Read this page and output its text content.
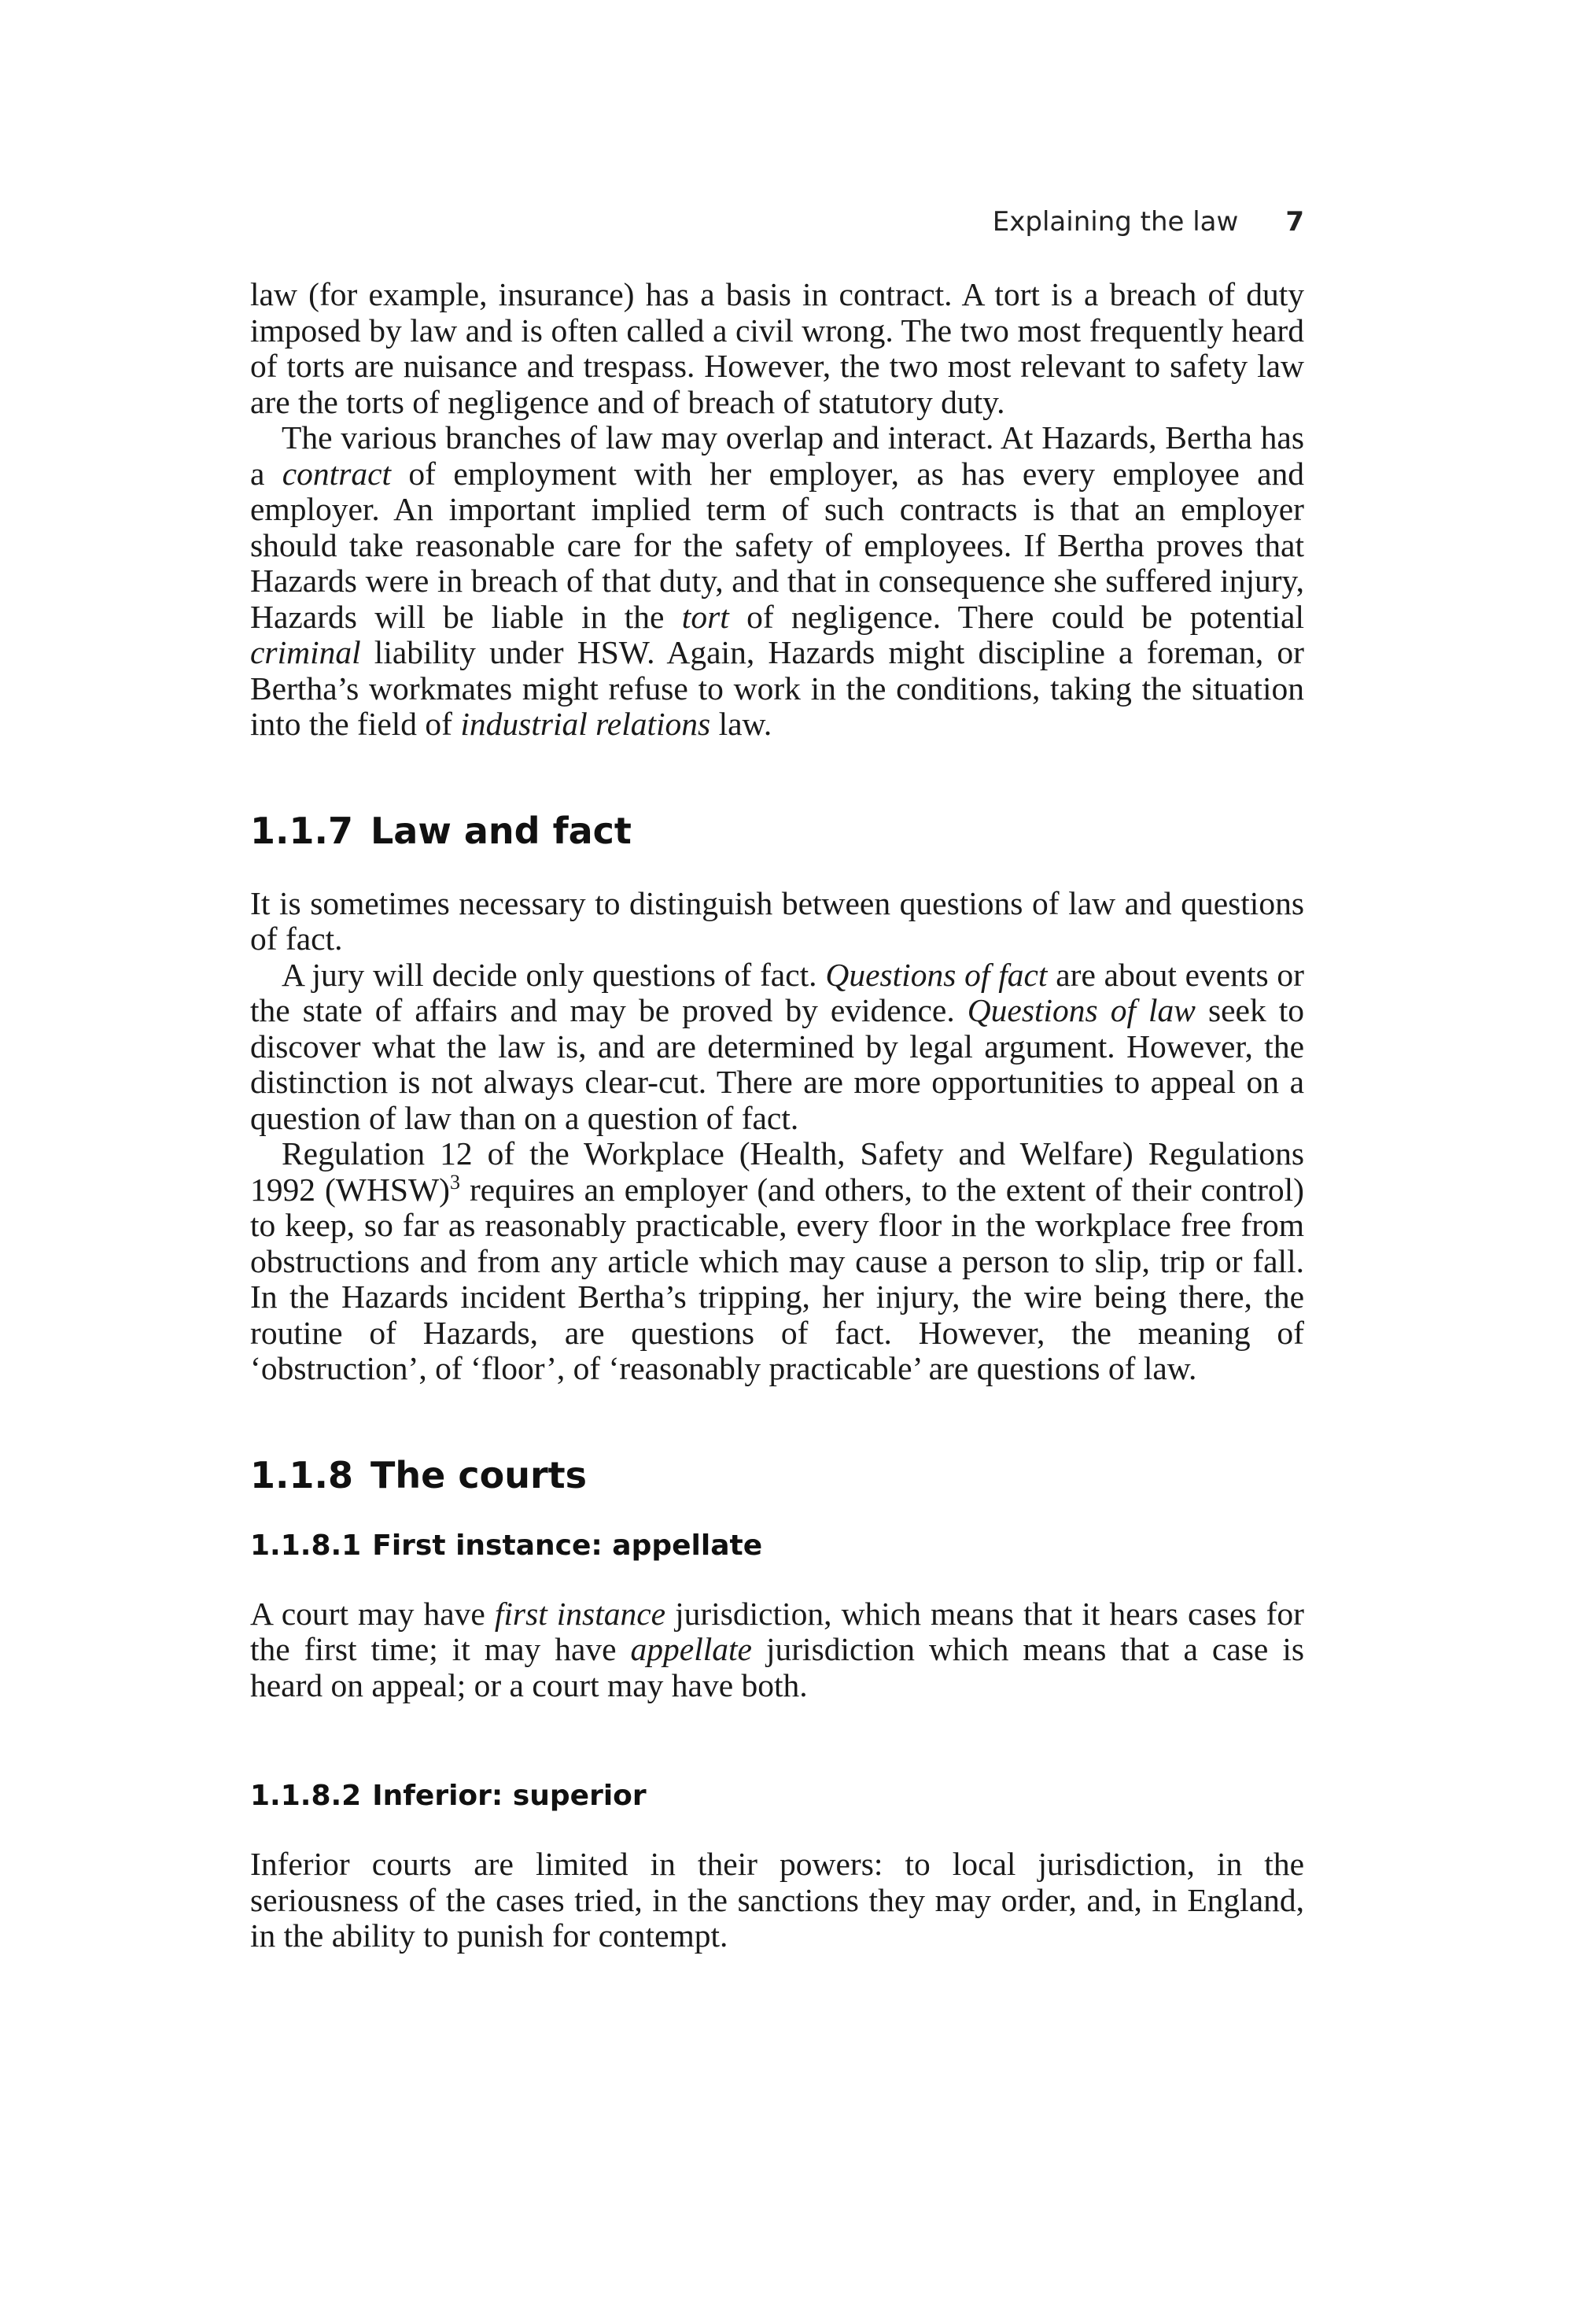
Explaining the law 7

law (for example, insurance) has a basis in contract. A tort is a breach of duty imposed by law and is often called a civil wrong. The two most frequently heard of torts are nuisance and trespass. However, the two most relevant to safety law are the torts of negligence and of breach of statutory duty.

The various branches of law may overlap and interact. At Hazards, Bertha has a contract of employment with her employer, as has every employee and employer. An important implied term of such contracts is that an employer should take reasonable care for the safety of employees. If Bertha proves that Hazards were in breach of that duty, and that in consequence she suffered injury, Hazards will be liable in the tort of negligence. There could be potential criminal liability under HSW. Again, Hazards might discipline a foreman, or Bertha’s workmates might refuse to work in the conditions, taking the situation into the field of industrial relations law.

1.1.7 Law and fact

It is sometimes necessary to distinguish between questions of law and questions of fact.

A jury will decide only questions of fact. Questions of fact are about events or the state of affairs and may be proved by evidence. Questions of law seek to discover what the law is, and are determined by legal argument. However, the distinction is not always clear-cut. There are more opportunities to appeal on a question of law than on a question of fact.

Regulation 12 of the Workplace (Health, Safety and Welfare) Regulations 1992 (WHSW)$^3$ requires an employer (and others, to the extent of their control) to keep, so far as reasonably practicable, every floor in the workplace free from obstructions and from any article which may cause a person to slip, trip or fall. In the Hazards incident Bertha’s tripping, her injury, the wire being there, the routine of Hazards, are questions of fact. However, the meaning of ‘obstruction’, of ‘floor’, of ‘reasonably practicable’ are questions of law.

1.1.8 The courts
1.1.8.1 First instance: appellate

A court may have first instance jurisdiction, which means that it hears cases for the first time; it may have appellate jurisdiction which means that a case is heard on appeal; or a court may have both.

1.1.8.2 Inferior: superior

Inferior courts are limited in their powers: to local jurisdiction, in the seriousness of the cases tried, in the sanctions they may order, and, in England, in the ability to punish for contempt.
